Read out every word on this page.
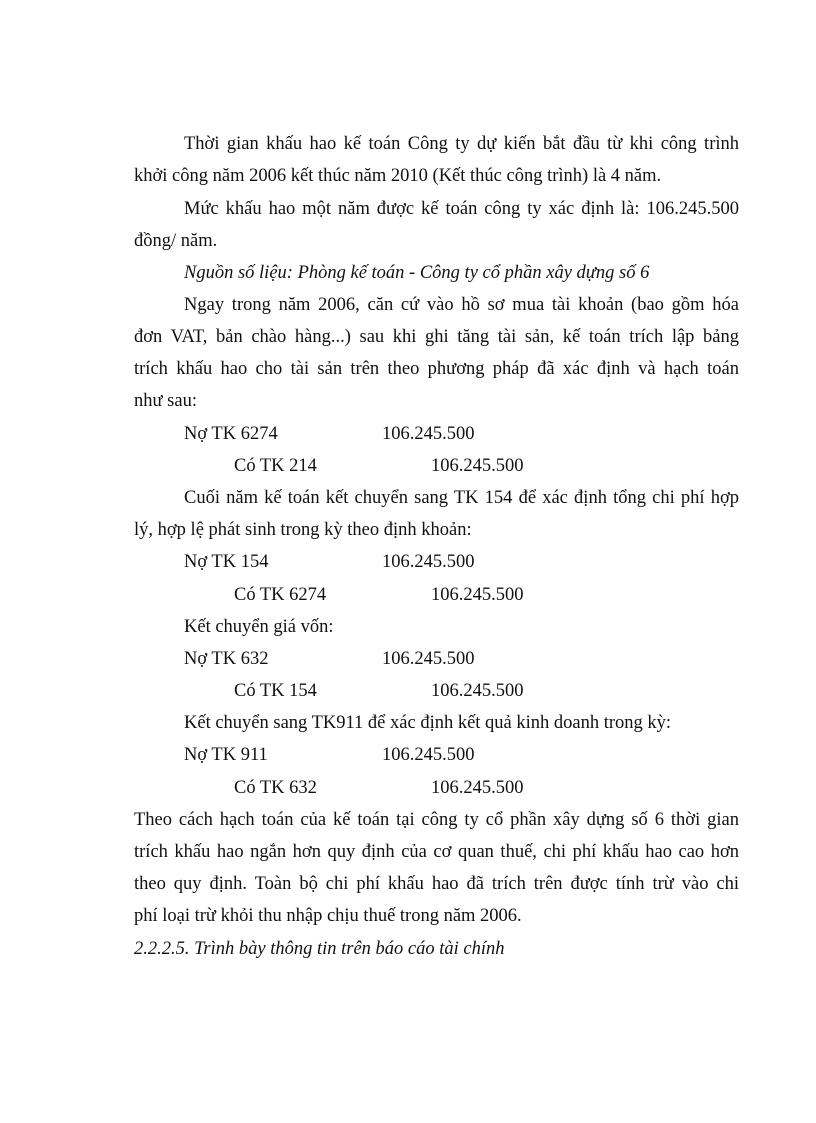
Thời gian khấu hao kế toán Công ty dự kiến bắt đầu từ khi công trình
khởi công năm 2006 kết thúc năm 2010 (Kết thúc công trình) là 4 năm.
Mức khấu hao một năm được kế toán công ty xác định là: 106.245.500
đồng/ năm.
Nguồn số liệu: Phòng kế toán - Công ty cổ phần xây dựng số 6
Ngay trong năm 2006, căn cứ vào hồ sơ mua tài khoản (bao gồm hóa
đơn VAT, bản chào hàng...) sau khi ghi tăng tài sản, kế toán trích lập bảng
trích khấu hao cho tài sản trên theo phương pháp đã xác định và hạch toán
như sau:
Nợ TK 6274	106.245.500
Có TK 214	106.245.500
Cuối năm kế toán kết chuyển sang TK 154 để xác định tổng chi phí hợp
lý, hợp lệ phát sinh trong kỳ theo định khoản:
Nợ TK 154	106.245.500
Có TK 6274	106.245.500
Kết chuyển giá vốn:
Nợ TK 632	106.245.500
Có TK 154	106.245.500
Kết chuyển sang TK911 để xác định kết quả kinh doanh trong kỳ:
Nợ TK 911	106.245.500
Có TK 632	106.245.500
Theo cách hạch toán của kế toán tại công ty cổ phần xây dựng số 6 thời gian
trích khấu hao ngắn hơn quy định của cơ quan thuế, chi phí khấu hao cao hơn
theo quy định. Toàn bộ chi phí khấu hao đã trích trên được tính trừ vào chi
phí loại trừ khỏi thu nhập chịu thuế trong năm 2006.
2.2.2.5. Trình bày thông tin trên báo cáo tài chính
